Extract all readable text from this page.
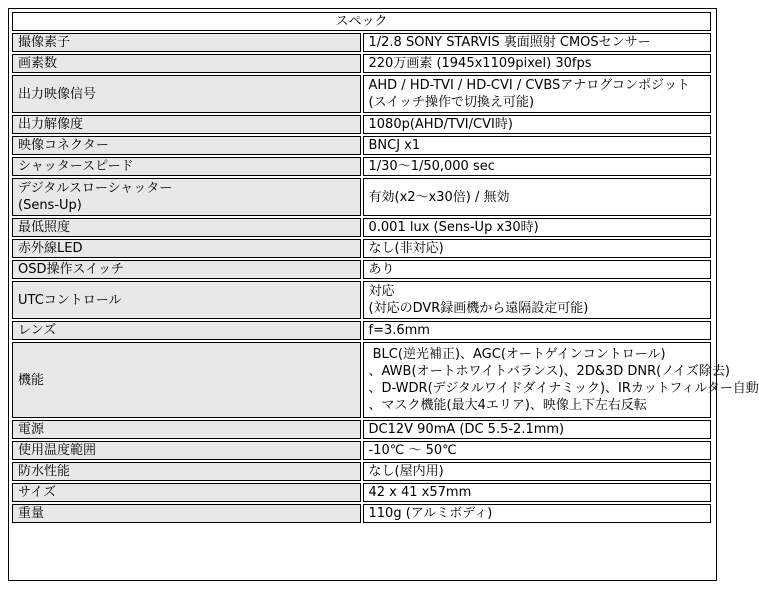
スペック	
撮像素子	1/2.8 SONY STARVIS 裏面照射 CMOSセンサー
画素数	220万画素 (1945x1109pixel) 30fps
出力映像信号	AHD / HD-TVI / HD-CVI / CVBSアナログコンポジット
(スイッチ操作で切換え可能)

出力解像度	1080p(AHD/TVI/CVI時)
映像コネクター	BNCJ x1
シャッタースピード	1/30〜1/50,000 sec

デジタルスローシャッター
(Sens-Up)	有効(x2〜x30倍) / 無効
最低照度	0.001 lux (Sens-Up x30時)
赤外線LED	なし(非対応)
OSD操作スイッチ	あり
UTCコントロール	対応
(対応のDVR録画機から遠隔設定可能)

レンズ	f=3.6mm
機能	BLC(逆光補正)、AGC(オートゲインコントロール)
、AWB(オートホワイトバランス)、2D&3D DNR(ノイズ除去)
、D-WDR(デジタルワイドダイナミック)、IRカットフィルター自動
、マスク機能(最大4エリア)、映像上下左右反転

電源	DC12V 90mA (DC 5.5-2.1mm)
使用温度範囲	-10℃ 〜 50℃
防水性能	なし(屋内用)
サイズ	42 x 41 x57mm
重量	110g (アルミボディ)
